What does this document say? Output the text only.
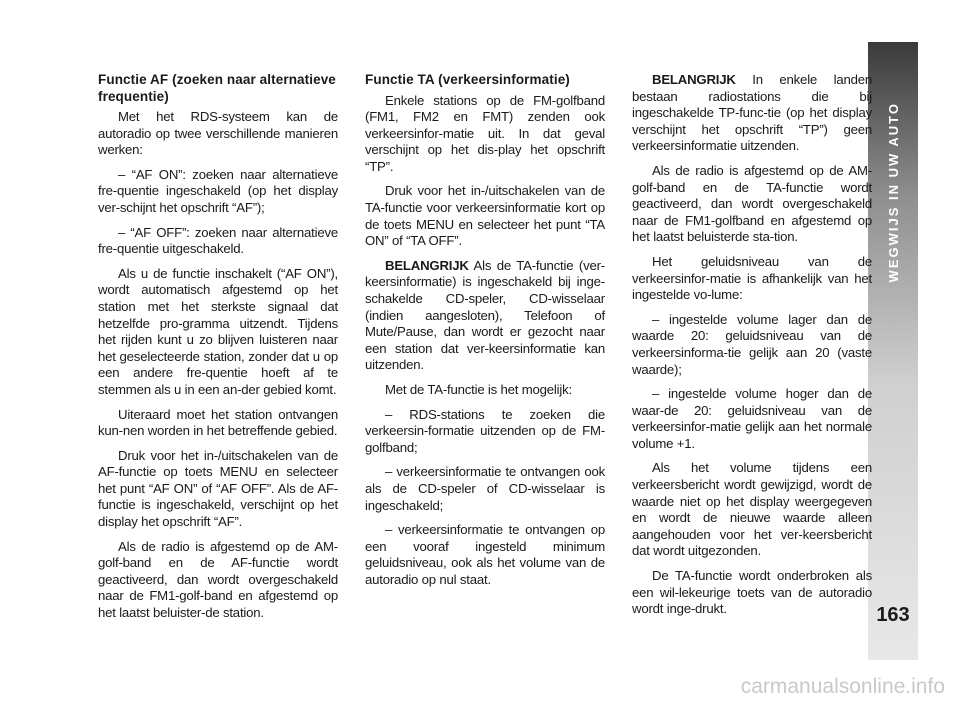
WEGWIJS IN UW AUTO
163
Functie AF (zoeken naar alternatieve frequentie)

Met het RDS-systeem kan de autoradio op twee verschillende manieren werken:

– “AF ON”: zoeken naar alternatieve fre-quentie ingeschakeld (op het display ver-schijnt het opschrift “AF”);

– “AF OFF”: zoeken naar alternatieve fre-quentie uitgeschakeld.

Als u de functie inschakelt (“AF ON”), wordt automatisch afgestemd op het station met het sterkste signaal dat hetzelfde pro-gramma uitzendt. Tijdens het rijden kunt u zo blijven luisteren naar het geselecteerde station, zonder dat u op een andere fre-quentie hoeft af te stemmen als u in een an-der gebied komt.

Uiteraard moet het station ontvangen kun-nen worden in het betreffende gebied.

Druk voor het in-/uitschakelen van de AF-functie op toets MENU en selecteer het punt “AF ON” of “AF OFF”. Als de AF-functie is ingeschakeld, verschijnt op het display het opschrift “AF”.

Als de radio is afgestemd op de AM-golf-band en de AF-functie wordt geactiveerd, dan wordt overgeschakeld naar de FM1-golf-band en afgestemd op het laatst beluister-de station.

Functie TA (verkeersinformatie)

Enkele stations op de FM-golfband (FM1, FM2 en FMT) zenden ook verkeersinfor-matie uit. In dat geval verschijnt op het dis-play het opschrift “TP”.

Druk voor het in-/uitschakelen van de TA-functie voor verkeersinformatie kort op de toets MENU en selecteer het punt “TA ON” of “TA OFF”.

BELANGRIJK Als de TA-functie (ver-keersinformatie) is ingeschakeld bij inge-schakelde CD-speler, CD-wisselaar (indien aangesloten), Telefoon of Mute/Pause, dan wordt er gezocht naar een station dat ver-keersinformatie kan uitzenden.

Met de TA-functie is het mogelijk:

– RDS-stations te zoeken die verkeersin-formatie uitzenden op de FM-golfband;

– verkeersinformatie te ontvangen ook als de CD-speler of CD-wisselaar is ingeschakeld;

– verkeersinformatie te ontvangen op een vooraf ingesteld minimum geluidsniveau, ook als het volume van de autoradio op nul staat.

BELANGRIJK In enkele landen bestaan radiostations die bij ingeschakelde TP-func-tie (op het display verschijnt het opschrift “TP”) geen verkeersinformatie uitzenden.

Als de radio is afgestemd op de AM-golf-band en de TA-functie wordt geactiveerd, dan wordt overgeschakeld naar de FM1-golfband en afgestemd op het laatst beluisterde sta-tion.

Het geluidsniveau van de verkeersinfor-matie is afhankelijk van het ingestelde vo-lume:

– ingestelde volume lager dan de waarde 20: geluidsniveau van de verkeersinforma-tie gelijk aan 20 (vaste waarde);

– ingestelde volume hoger dan de waar-de 20: geluidsniveau van de verkeersinfor-matie gelijk aan het normale volume +1.

Als het volume tijdens een verkeersbericht wordt gewijzigd, wordt de waarde niet op het display weergegeven en wordt de nieuwe waarde alleen aangehouden voor het ver-keersbericht dat wordt uitgezonden.

De TA-functie wordt onderbroken als een wil-lekeurige toets van de autoradio wordt inge-drukt.

carmanualsonline.info
